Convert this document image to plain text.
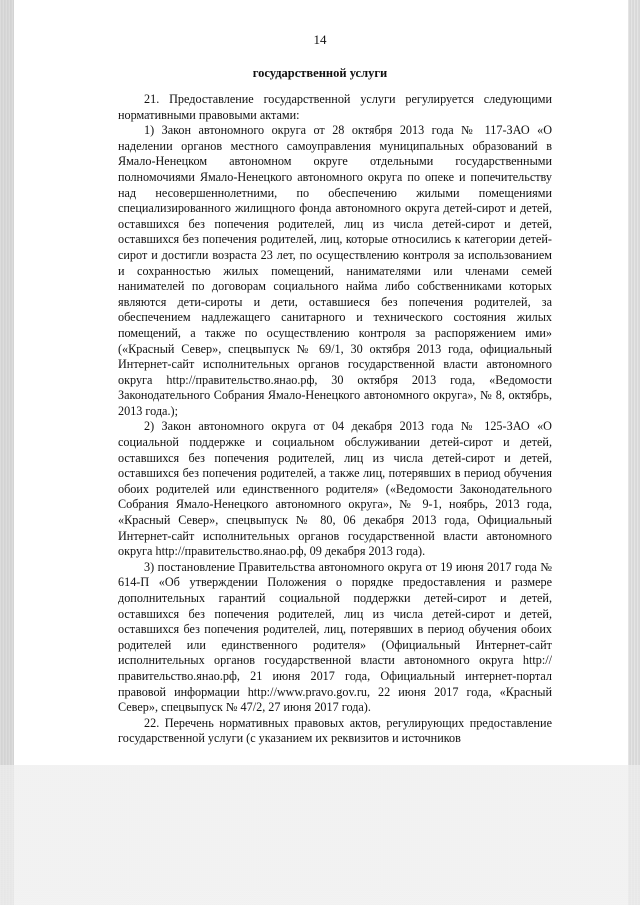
14
государственной услуги

21. Предоставление государственной услуги регулируется следующими нормативными правовыми актами:

1) Закон автономного округа от 28 октября 2013 года № 117-ЗАО «О наделении органов местного самоуправления муниципальных образований в Ямало-Ненецком автономном округе отдельными государственными полномочиями Ямало-Ненецкого автономного округа по опеке и попечительству над несовершеннолетними, по обеспечению жилыми помещениями специализированного жилищного фонда автономного округа детей-сирот и детей, оставшихся без попечения родителей, лиц из числа детей-сирот и детей, оставшихся без попечения родителей, лиц, которые относились к категории детей-сирот и достигли возраста 23 лет, по осуществлению контроля за использованием и сохранностью жилых помещений, нанимателями или членами семей нанимателей по договорам социального найма либо собственниками которых являются дети-сироты и дети, оставшиеся без попечения родителей, за обеспечением надлежащего санитарного и технического состояния жилых помещений, а также по осуществлению контроля за распоряжением ими» («Красный Север», спецвыпуск № 69/1, 30 октября 2013 года, официальный Интернет-сайт исполнительных органов государственной власти автономного округа http://правительство.янао.рф, 30 октября 2013 года, «Ведомости Законодательного Собрания Ямало-Ненецкого автономного округа», № 8, октябрь, 2013 года.);

2) Закон автономного округа от 04 декабря 2013 года № 125-ЗАО «О социальной поддержке и социальном обслуживании детей-сирот и детей, оставшихся без попечения родителей, лиц из числа детей-сирот и детей, оставшихся без попечения родителей, а также лиц, потерявших в период обучения обоих родителей или единственного родителя» («Ведомости Законодательного Собрания Ямало-Ненецкого автономного округа», № 9-1, ноябрь, 2013 года, «Красный Север», спецвыпуск № 80, 06 декабря 2013 года, Официальный Интернет-сайт исполнительных органов государственной власти автономного округа http://правительство.янао.рф, 09 декабря 2013 года).

3) постановление Правительства автономного округа от 19 июня 2017 года № 614-П «Об утверждении Положения о порядке предоставления и размере дополнительных гарантий социальной поддержки детей-сирот и детей, оставшихся без попечения родителей, лиц из числа детей-сирот и детей, оставшихся без попечения родителей, лиц, потерявших в период обучения обоих родителей или единственного родителя» (Официальный Интернет-сайт исполнительных органов государственной власти автономного округа http://правительство.янао.рф, 21 июня 2017 года, Официальный интернет-портал правовой информации http://www.pravo.gov.ru, 22 июня 2017 года, «Красный Север», спецвыпуск № 47/2, 27 июня 2017 года).

22. Перечень нормативных правовых актов, регулирующих предоставление государственной услуги (с указанием их реквизитов и источников
